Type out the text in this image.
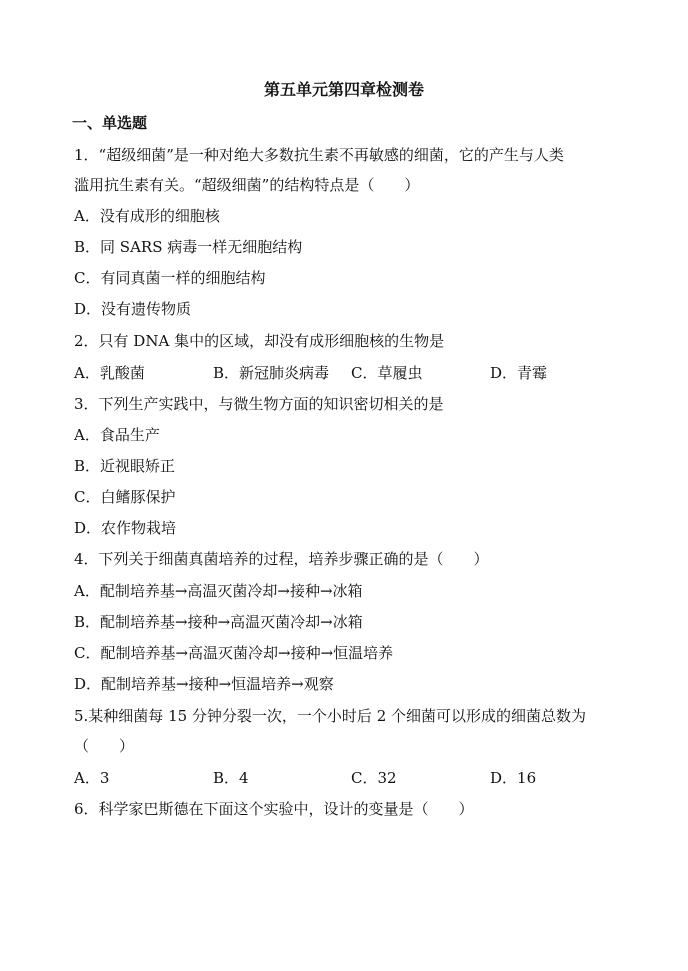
第五单元第四章检测卷
一、单选题
1．“超级细菌”是一种对绝大多数抗生素不再敏感的细菌，它的产生与人类
滥用抗生素有关。“超级细菌”的结构特点是（　　）
A．没有成形的细胞核
B．同 SARS 病毒一样无细胞结构
C．有同真菌一样的细胞结构
D．没有遗传物质
2．只有 DNA 集中的区域，却没有成形细胞核的生物是
A．乳酸菌	B．新冠肺炎病毒 C．草履虫	D．青霉
3．下列生产实践中，与微生物方面的知识密切相关的是
A．食品生产
B．近视眼矫正
C．白鳍豚保护
D．农作物栽培
4．下列关于细菌真菌培养的过程，培养步骤正确的是（　　）
A．配制培养基→高温灭菌冷却→接种→冰箱
B．配制培养基→接种→高温灭菌冷却→冰箱
C．配制培养基→高温灭菌冷却→接种→恒温培养
D．配制培养基→接种→恒温培养→观察
5.某种细菌每 15 分钟分裂一次，一个小时后 2 个细菌可以形成的细菌总数为
（　　）
A．3	B．4	C．32	D．16
6．科学家巴斯德在下面这个实验中，设计的变量是（　　）
